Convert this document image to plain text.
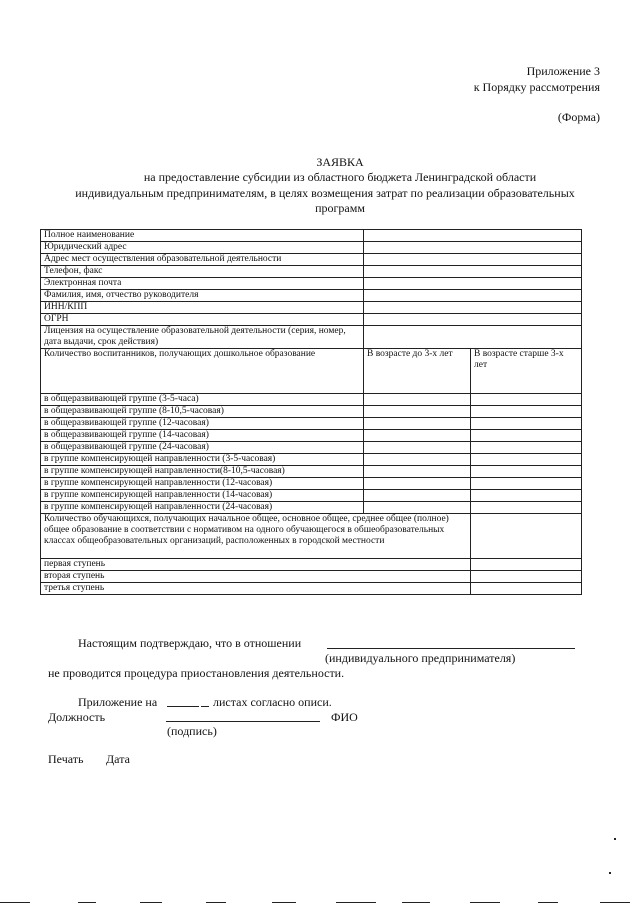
Приложение 3
к Порядку рассмотрения
(Форма)
ЗАЯВКА
на предоставление субсидии из областного бюджета Ленинградской области
индивидуальным предпринимателям, в целях возмещения затрат по реализации образовательных
программ
Полное наименование		
Юридический адрес		
Адрес мест осуществления образовательной деятельности		
Телефон, факс		
Электронная почта		
Фамилия, имя, отчество руководителя		
ИНН/КПП		
ОГРН		
Лицензия на осуществление образовательной деятельности (серия, номер, дата выдачи, срок действия)		
Количество воспитанников, получающих дошкольное образование	В возрасте до 3-х лет	В возрасте старше 3-х лет
в общеразвивающей группе (3-5-часа)		
в общеразвивающей группе (8-10,5-часовая)		
в общеразвивающей группе (12-часовая)		
в общеразвивающей группе (14-часовая)		
в общеразвивающей группе (24-часовая)		
в группе компенсирующей направленности (3-5-часовая)		
в группе компенсирующей направленности(8-10,5-часовая)		
в группе компенсирующей направленности (12-часовая)		
в группе компенсирующей направленности (14-часовая)		
в группе компенсирующей направленности (24-часовая)		
Количество обучающихся, получающих начальное общее, основное общее, среднее общее (полное) общее образование в соответствии с нормативом на одного обучающегося в обшеобразовательных классах общеобразовательных организаций, расположенных в городской местности		
первая ступень		
вторая ступень		
третья ступень		
Настоящим подтверждаю, что в отношении
(индивидуального предпринимателя)
не проводится процедура приостановления деятельности.
Приложение на	листах согласно описи.
Должность	ФИО
(подпись)
Печать Дата
